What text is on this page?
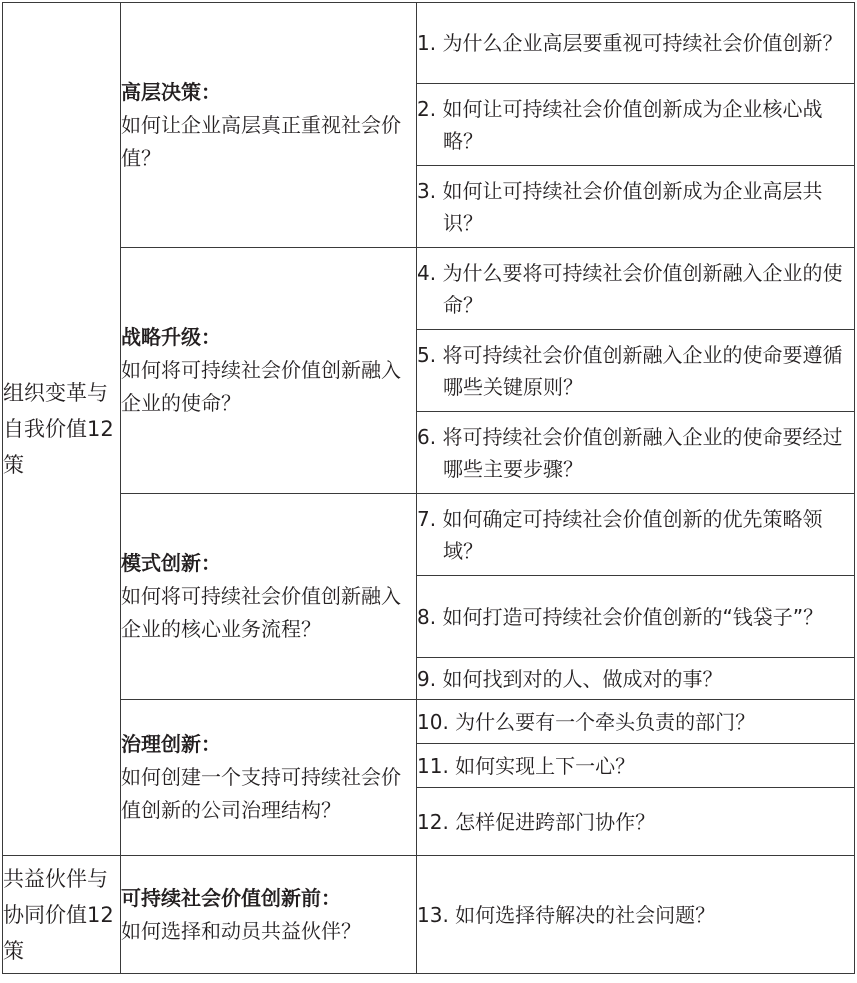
组织变革与自我价值12策	高层决策：
如何让企业高层真正重视社会价值？	1. 为什么企业高层要重视可持续社会价值创新？

		2. 如何让可持续社会价值创新成为企业核心战略？

		3. 如何让可持续社会价值创新成为企业高层共识？

	战略升级：
如何将可持续社会价值创新融入企业的使命？	4. 为什么要将可持续社会价值创新融入企业的使命？

		5. 将可持续社会价值创新融入企业的使命要遵循哪些关键原则？

		6. 将可持续社会价值创新融入企业的使命要经过哪些主要步骤？

	模式创新：
如何将可持续社会价值创新融入企业的核心业务流程？	7. 如何确定可持续社会价值创新的优先策略领域？

		8. 如何打造可持续社会价值创新的“钱袋子”？

		9. 如何找到对的人、做成对的事？

	治理创新：
如何创建一个支持可持续社会价值创新的公司治理结构？	10. 为什么要有一个牵头负责的部门？

		11. 如何实现上下一心？

		12. 怎样促进跨部门协作？

共益伙伴与协同价值12策	可持续社会价值创新前：
如何选择和动员共益伙伴？	13. 如何选择待解决的社会问题？
